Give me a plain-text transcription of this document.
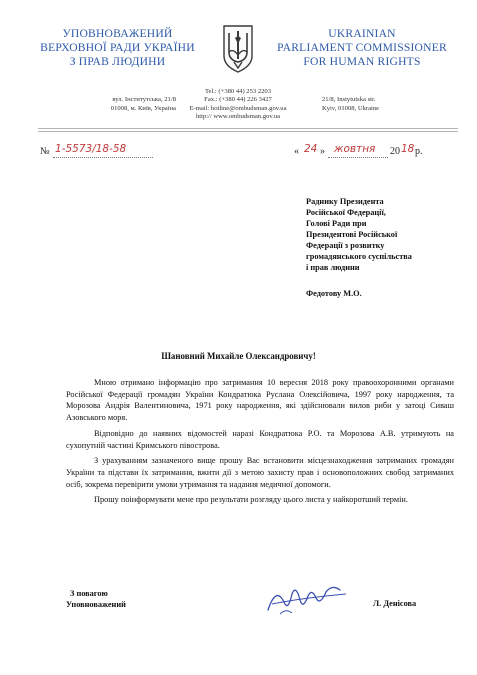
УПОВНОВАЖЕНИЙ
ВЕРХОВНОЇ РАДИ УКРАЇНИ
З ПРАВ ЛЮДИНИ
UKRAINIAN
PARLIAMENT COMMISSIONER
FOR HUMAN RIGHTS
вул. Інститутська, 21/8
01008, м. Київ, Україна
Tel.: (+380 44) 253 2203
Fax.: (+380 44) 226 3427
E-mail: hotline@ombudsman.gov.ua
http:// www.ombudsman.gov.ua
21/8, Instytutska str.
Kyiv, 01008, Ukraine
№ 1-5573/18-58	« 24 » жовтня 20 18 р.
Раднику Президента
Російської Федерації,
Голові Ради при
Президентові Російської
Федерації з розвитку
громадянського суспільства
і прав людини
Федотову М.О.
Шановний Михайле Олександровичу!

Мною отримано інформацію про затримання 10 вересня 2018 року правоохоронними органами Російської Федерації громадян України Кондратюка Руслана Олексійовича, 1997 року народження, та Морозова Андрія Валентиновича, 1971 року народження, які здійснювали вилов риби у затоці Сиваш Азовського моря.

Відповідно до наявних відомостей наразі Кондратюка Р.О. та Морозова А.В. утримують на сухопутній частині Кримського півострова.

З урахуванням зазначеного вище прошу Вас встановити місцезнаходження затриманих громадян України та підстави їх затримання, вжити дії з метою захисту прав і основоположних свобод затриманих осіб, зокрема перевірити умови утримання та надання медичної допомоги.

Прошу поінформувати мене про результати розгляду цього листа у найкоротший термін.

З повагою
Уповноважений	Л. Денісова
